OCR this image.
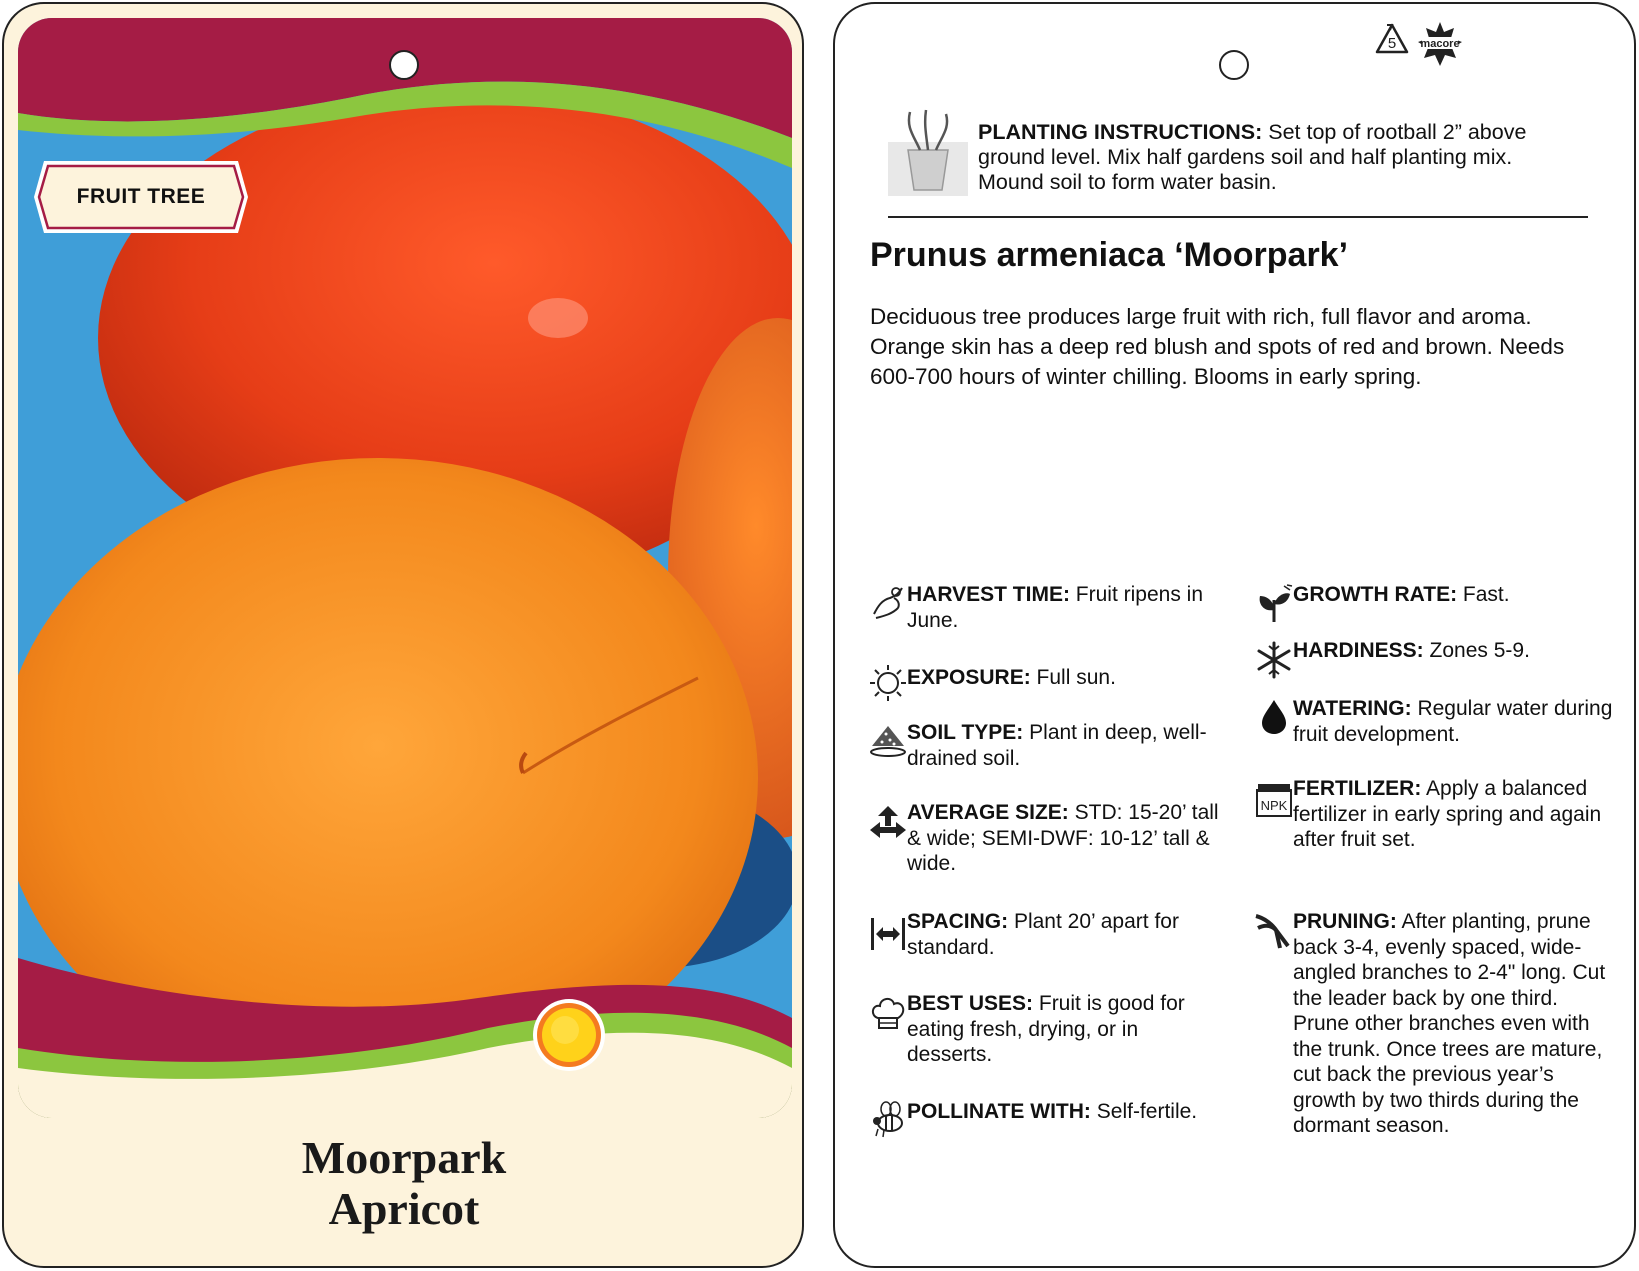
FRUIT TREE
Moorpark
Apricot
5 macore
PLANTING INSTRUCTIONS: Set top of rootball 2” above
ground level. Mix half gardens soil and half planting mix.
Mound soil to form water basin.
Prunus armeniaca ‘Moorpark’
Deciduous tree produces large fruit with rich, full flavor and aroma. Orange skin has a deep red blush and spots of red and brown. Needs 600-700 hours of winter chilling. Blooms in early spring.
HARVEST TIME: Fruit ripens in June.
EXPOSURE: Full sun.
SOIL TYPE: Plant in deep, well-drained soil.
AVERAGE SIZE: STD: 15-20’ tall & wide; SEMI-DWF: 10-12’ tall & wide.
SPACING: Plant 20’ apart for standard.
BEST USES: Fruit is good for eating fresh, drying, or in desserts.
POLLINATE WITH: Self-fertile.
GROWTH RATE: Fast.
HARDINESS: Zones 5-9.
WATERING: Regular water during fruit development.
NPK
FERTILIZER: Apply a balanced fertilizer in early spring and again after fruit set.
PRUNING: After planting, prune back 3-4, evenly spaced, wide-angled branches to 2-4" long. Cut the leader back by one third. Prune other branches even with the trunk. Once trees are mature, cut back the previous year’s growth by two thirds during the dormant season.
